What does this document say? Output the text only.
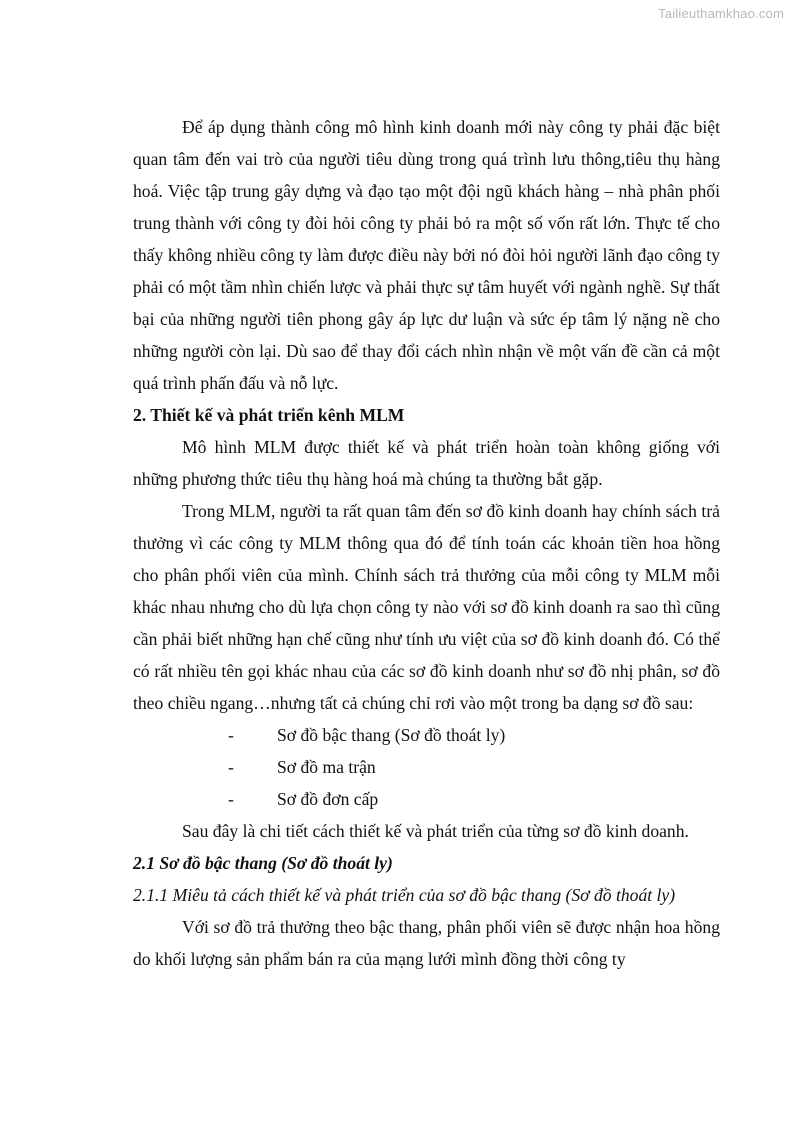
Tailieuthamkhao.com

Để áp dụng thành công mô hình kinh doanh mới này công ty phải đặc biệt quan tâm đến vai trò của người tiêu dùng trong quá trình lưu thông,tiêu thụ hàng hoá. Việc tập trung gây dựng và đạo tạo một đội ngũ khách hàng – nhà phân phối trung thành với công ty đòi hỏi công ty phải bỏ ra một số vốn rất lớn. Thực tế cho thấy không nhiều công ty làm được điều này bởi nó đòi hỏi người lãnh đạo công ty phải có một tầm nhìn chiến lược và phải thực sự tâm huyết với ngành nghề. Sự thất bại của những người tiên phong gây áp lực dư luận và sức ép tâm lý nặng nề cho những người còn lại. Dù sao để thay đổi cách nhìn nhận về một vấn đề cần cả một quá trình phấn đấu và nỗ lực.

2. Thiết kế và phát triển kênh MLM

Mô hình MLM được thiết kế và phát triển hoàn toàn không giống với những phương thức tiêu thụ hàng hoá mà chúng ta thường bắt gặp.

Trong MLM, người ta rất quan tâm đến sơ đồ kinh doanh hay chính sách trả thưởng vì các công ty MLM thông qua đó để tính toán các khoản tiền hoa hồng cho phân phối viên của mình. Chính sách trả thưởng của mỗi công ty MLM mỗi khác nhau nhưng cho dù lựa chọn công ty nào với sơ đồ kinh doanh ra sao thì cũng cần phải biết những hạn chế cũng như tính ưu việt của sơ đồ kinh doanh đó. Có thể có rất nhiều tên gọi khác nhau của các sơ đồ kinh doanh như sơ đồ nhị phân, sơ đồ theo chiều ngang…nhưng tất cả chúng chỉ rơi vào một trong ba dạng sơ đồ sau:

- Sơ đồ bậc thang (Sơ đồ thoát ly)
- Sơ đồ ma trận
- Sơ đồ đơn cấp

Sau đây là chi tiết cách thiết kế và phát triển của từng sơ đồ kinh doanh.

2.1 Sơ đồ bậc thang (Sơ đồ thoát ly)

2.1.1 Miêu tả cách thiết kế và phát triển của sơ đồ bậc thang (Sơ đồ thoát ly)

Với sơ đồ trả thưởng theo bậc thang, phân phối viên sẽ được nhận hoa hồng do khối lượng sản phẩm bán ra của mạng lưới mình đồng thời công ty
